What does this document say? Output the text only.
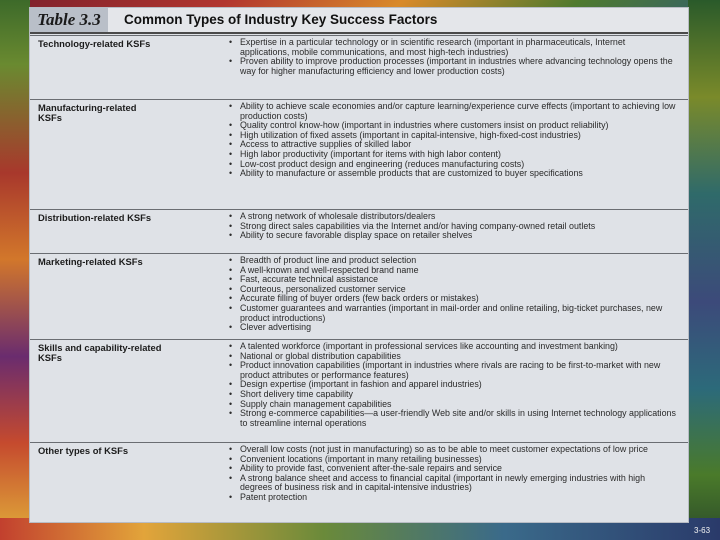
Table 3.3	Common Types of Industry Key Success Factors
Technology-related KSFs	• Expertise in a particular technology or in scientific research (important in pharmaceuticals, Internet applications, mobile communications, and most high-tech industries)
• Proven ability to improve production processes (important in industries where advancing technology opens the way for higher manufacturing efficiency and lower production costs)
Manufacturing-related KSFs
• Ability to achieve scale economies and/or capture learning/experience curve effects (important to achieving low production costs)
• Quality control know-how (important in industries where customers insist on product reliability)
• High utilization of fixed assets (important in capital-intensive, high-fixed-cost industries)
• Access to attractive supplies of skilled labor
• High labor productivity (important for items with high labor content)
• Low-cost product design and engineering (reduces manufacturing costs)
• Ability to manufacture or assemble products that are customized to buyer specifications
Distribution-related KSFs	• A strong network of wholesale distributors/dealers
• Strong direct sales capabilities via the Internet and/or having company-owned retail outlets
• Ability to secure favorable display space on retailer shelves
Marketing-related KSFs	• Breadth of product line and product selection
• A well-known and well-respected brand name
• Fast, accurate technical assistance
• Courteous, personalized customer service
• Accurate filling of buyer orders (few back orders or mistakes)
• Customer guarantees and warranties (important in mail-order and online retailing, big-ticket purchases, new product introductions)
• Clever advertising
Skills and capability-related KSFs
• A talented workforce (important in professional services like accounting and investment banking)
• National or global distribution capabilities
• Product innovation capabilities (important in industries where rivals are racing to be first-to-market with new product attributes or performance features)
• Design expertise (important in fashion and apparel industries)
• Short delivery time capability
• Supply chain management capabilities
• Strong e-commerce capabilities—a user-friendly Web site and/or skills in using Internet technology applications to streamline internal operations
Other types of KSFs	• Overall low costs (not just in manufacturing) so as to be able to meet customer expectations of low price
• Convenient locations (important in many retailing businesses)
• Ability to provide fast, convenient after-the-sale repairs and service
• A strong balance sheet and access to financial capital (important in newly emerging industries with high degrees of business risk and in capital-intensive industries)
• Patent protection
3-63
